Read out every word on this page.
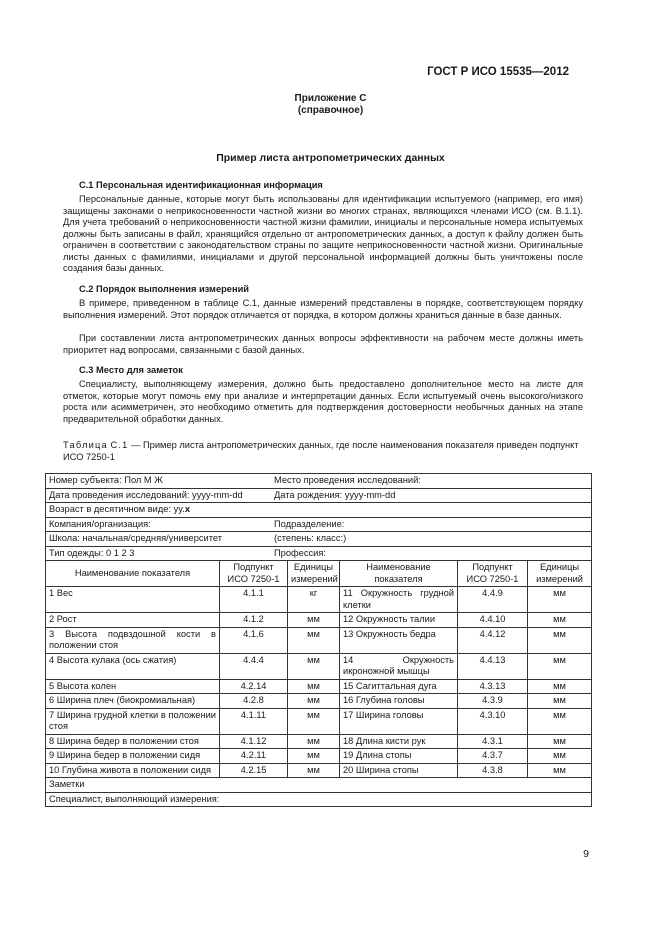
ГОСТ Р ИСО 15535—2012
Приложение С
(справочное)
Пример листа антропометрических данных
С.1 Персональная идентификационная информация
Персональные данные, которые могут быть использованы для идентификации испытуемого (например, его имя) защищены законами о неприкосновенности частной жизни во многих странах, являющихся членами ИСО (см. В.1.1). Для учета требований о неприкосновенности частной жизни фамилии, инициалы и персональные номера испытуемых должны быть записаны в файл, хранящийся отдельно от антропометрических данных, а доступ к файлу должен быть ограничен в соответствии с законодательством страны по защите неприкосновенности частной жизни. Оригинальные листы данных с фамилиями, инициалами и другой персональной информацией должны быть уничтожены после создания базы данных.
С.2 Порядок выполнения измерений
В примере, приведенном в таблице С.1, данные измерений представлены в порядке, соответствующем порядку выполнения измерений. Этот порядок отличается от порядка, в котором должны храниться данные в базе данных.
При составлении листа антропометрических данных вопросы эффективности на рабочем месте должны иметь приоритет над вопросами, связанными с базой данных.
С.3 Место для заметок
Специалисту, выполняющему измерения, должно быть предоставлено дополнительное место на листе для отметок, которые могут помочь ему при анализе и интерпретации данных. Если испытуемый очень высокого/низкого роста или асимметричен, это необходимо отметить для подтверждения достоверности необычных данных на этапе предварительной обработки данных.
Таблица С.1 — Пример листа антропометрических данных, где после наименования показателя приведен подпункт ИСО 7250-1
Номер субъекта: Пол М Ж Место проведения исследований:					
Дата проведения исследований: yyyy-mm-dd Дата рождения: yyyy-mm-dd					
Возраст в десятичном виде: yy.x					
Компания/организация: Подразделение:					
Школа: начальная/средняя/университет (степень: класс:)					
Тип одежды: 0 1 2 3 Профессия:					
Наименование показателя	Подпункт ИСО 7250-1	Единицы измерений	Наименование показателя	Подпункт ИСО 7250-1	Единицы измерений
1 Вес	4.1.1	кг	11 Окружность грудной клетки	4.4.9	мм
2 Рост	4.1.2	мм	12 Окружность талии	4.4.10	мм
3 Высота подвздошной кости в положении стоя	4.1.6	мм	13 Окружность бедра	4.4.12	мм
4 Высота кулака (ось сжатия)	4.4.4	мм	14 Окружность икроножной мышцы	4.4.13	мм
5 Высота колен	4.2.14	мм	15 Сагиттальная дуга	4.3.13	мм
6 Ширина плеч (биокромиальная)	4.2.8	мм	16 Глубина головы	4.3.9	мм
7 Ширина грудной клетки в положении стоя	4.1.11	мм	17 Ширина головы	4.3.10	мм
8 Ширина бедер в положении стоя	4.1.12	мм	18 Длина кисти рук	4.3.1	мм
9 Ширина бедер в положении сидя	4.2.11	мм	19 Длина стопы	4.3.7	мм
10 Глубина живота в положении сидя	4.2.15	мм	20 Ширина стопы	4.3.8	мм
Заметки					
Специалист, выполняющий измерения:					
9
